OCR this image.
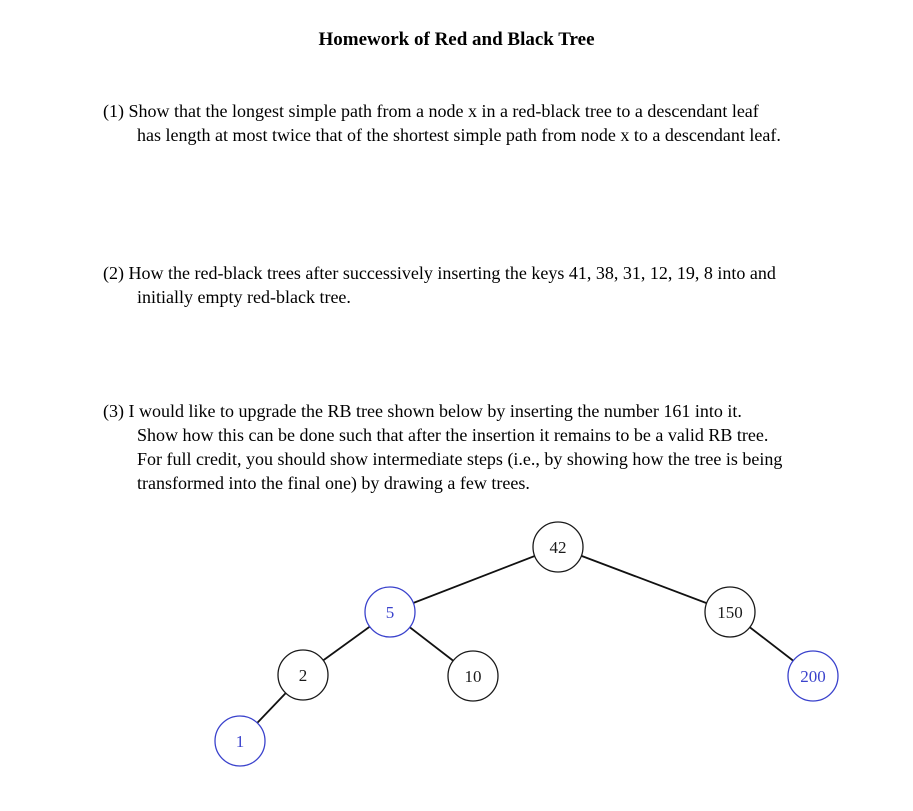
Homework of Red and Black Tree
(1) Show that the longest simple path from a node x in a red-black tree to a descendant leaf
has length at most twice that of the shortest simple path from node x to a descendant leaf.
(2) How the red-black trees after successively inserting the keys 41, 38, 31, 12, 19, 8 into and
initially empty red-black tree.
(3) I would like to upgrade the RB tree shown below by inserting the number 161 into it.
Show how this can be done such that after the insertion it remains to be a valid RB tree.
For full credit, you should show intermediate steps (i.e., by showing how the tree is being
transformed into the final one) by drawing a few trees.
42
5	150
2	10	200
1
